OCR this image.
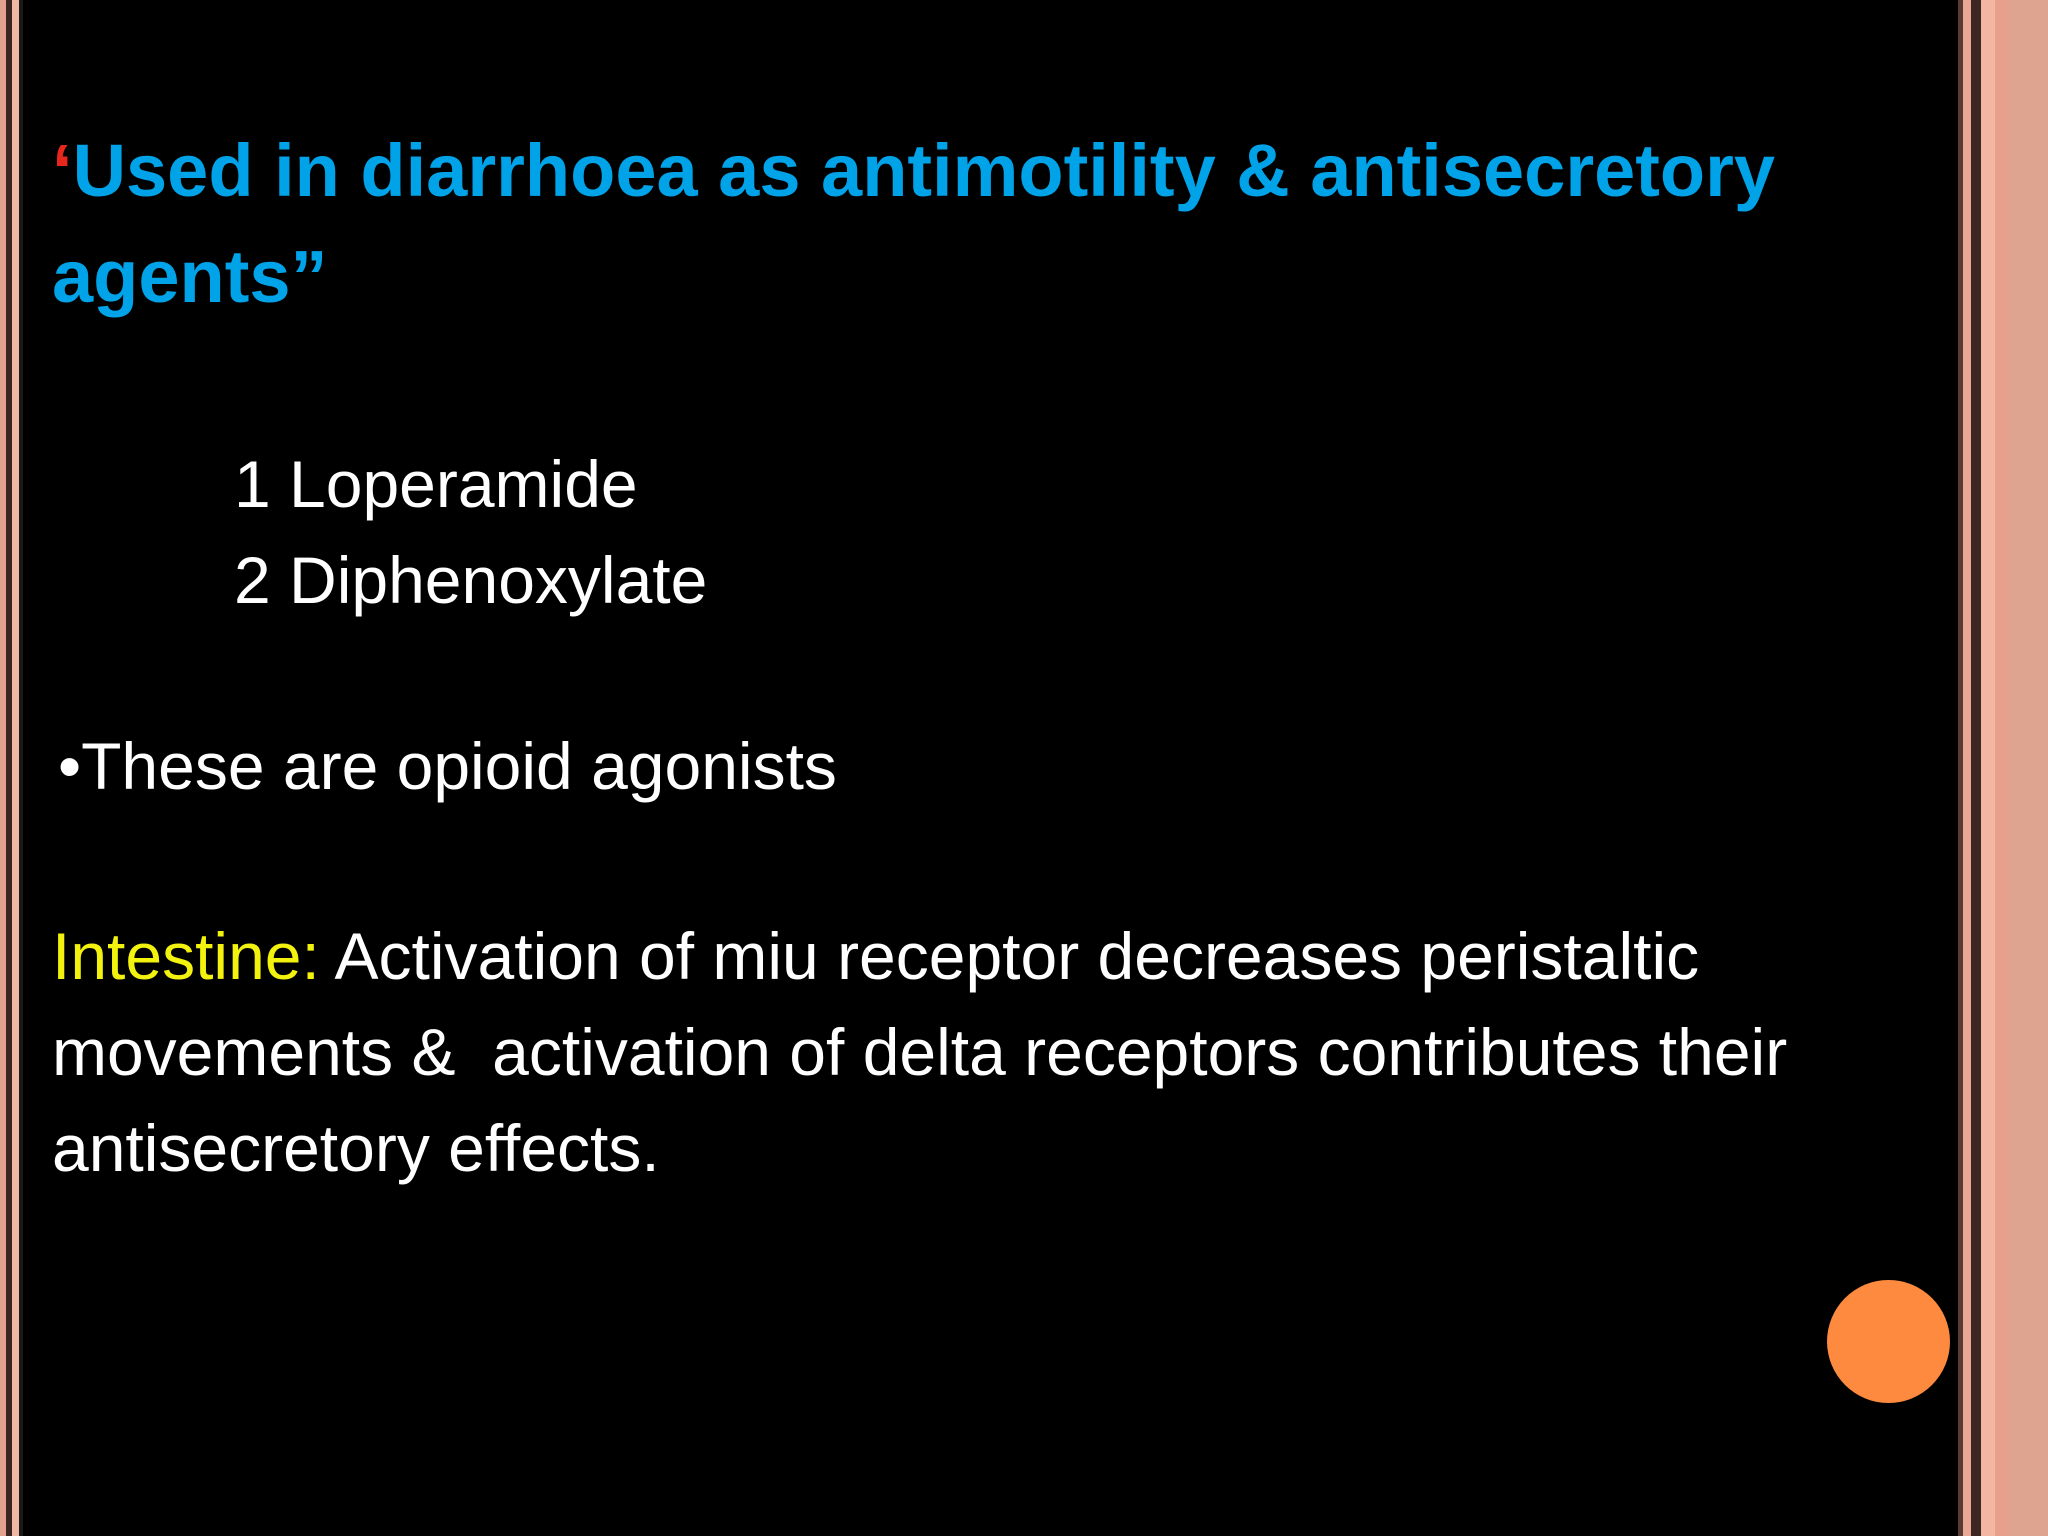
‘Used in diarrhoea as antimotility & antisecretory
agents”
1 Loperamide
2 Diphenoxylate

•These are opioid agonists

Intestine: Activation of miu receptor decreases peristaltic movements &  activation of delta receptors contributes their antisecretory effects.
